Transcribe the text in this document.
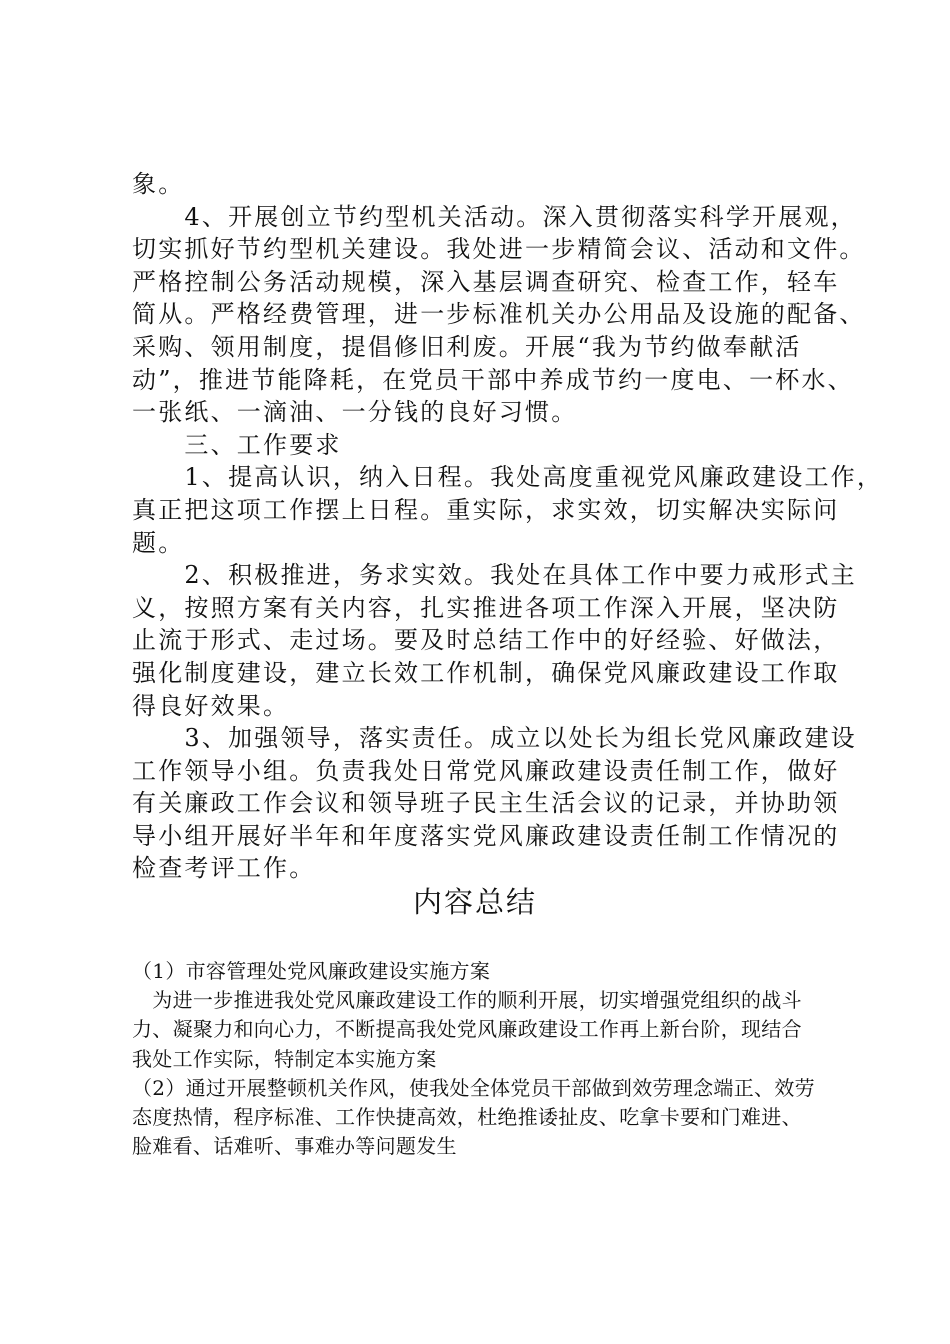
象。
　　4、开展创立节约型机关活动。深入贯彻落实科学开展观，
切实抓好节约型机关建设。我处进一步精简会议、活动和文件。
严格控制公务活动规模，深入基层调查研究、检查工作，轻车
简从。严格经费管理，进一步标准机关办公用品及设施的配备、
采购、领用制度，提倡修旧利废。开展“我为节约做奉献活
动”，推进节能降耗，在党员干部中养成节约一度电、一杯水、
一张纸、一滴油、一分钱的良好习惯。
　　三、工作要求
　　1、提高认识，纳入日程。我处高度重视党风廉政建设工作，
真正把这项工作摆上日程。重实际，求实效，切实解决实际问
题。
　　2、积极推进，务求实效。我处在具体工作中要力戒形式主
义，按照方案有关内容，扎实推进各项工作深入开展，坚决防
止流于形式、走过场。要及时总结工作中的好经验、好做法，
强化制度建设，建立长效工作机制，确保党风廉政建设工作取
得良好效果。
　　3、加强领导，落实责任。成立以处长为组长党风廉政建设
工作领导小组。负责我处日常党风廉政建设责任制工作，做好
有关廉政工作会议和领导班子民主生活会议的记录，并协助领
导小组开展好半年和年度落实党风廉政建设责任制工作情况的
检查考评工作。
内容总结
（1）市容管理处党风廉政建设实施方案
　为进一步推进我处党风廉政建设工作的顺利开展，切实增强党组织的战斗
力、凝聚力和向心力，不断提高我处党风廉政建设工作再上新台阶，现结合
我处工作实际，特制定本实施方案
（2）通过开展整顿机关作风，使我处全体党员干部做到效劳理念端正、效劳
态度热情，程序标准、工作快捷高效，杜绝推诿扯皮、吃拿卡要和门难进、
脸难看、话难听、事难办等问题发生
